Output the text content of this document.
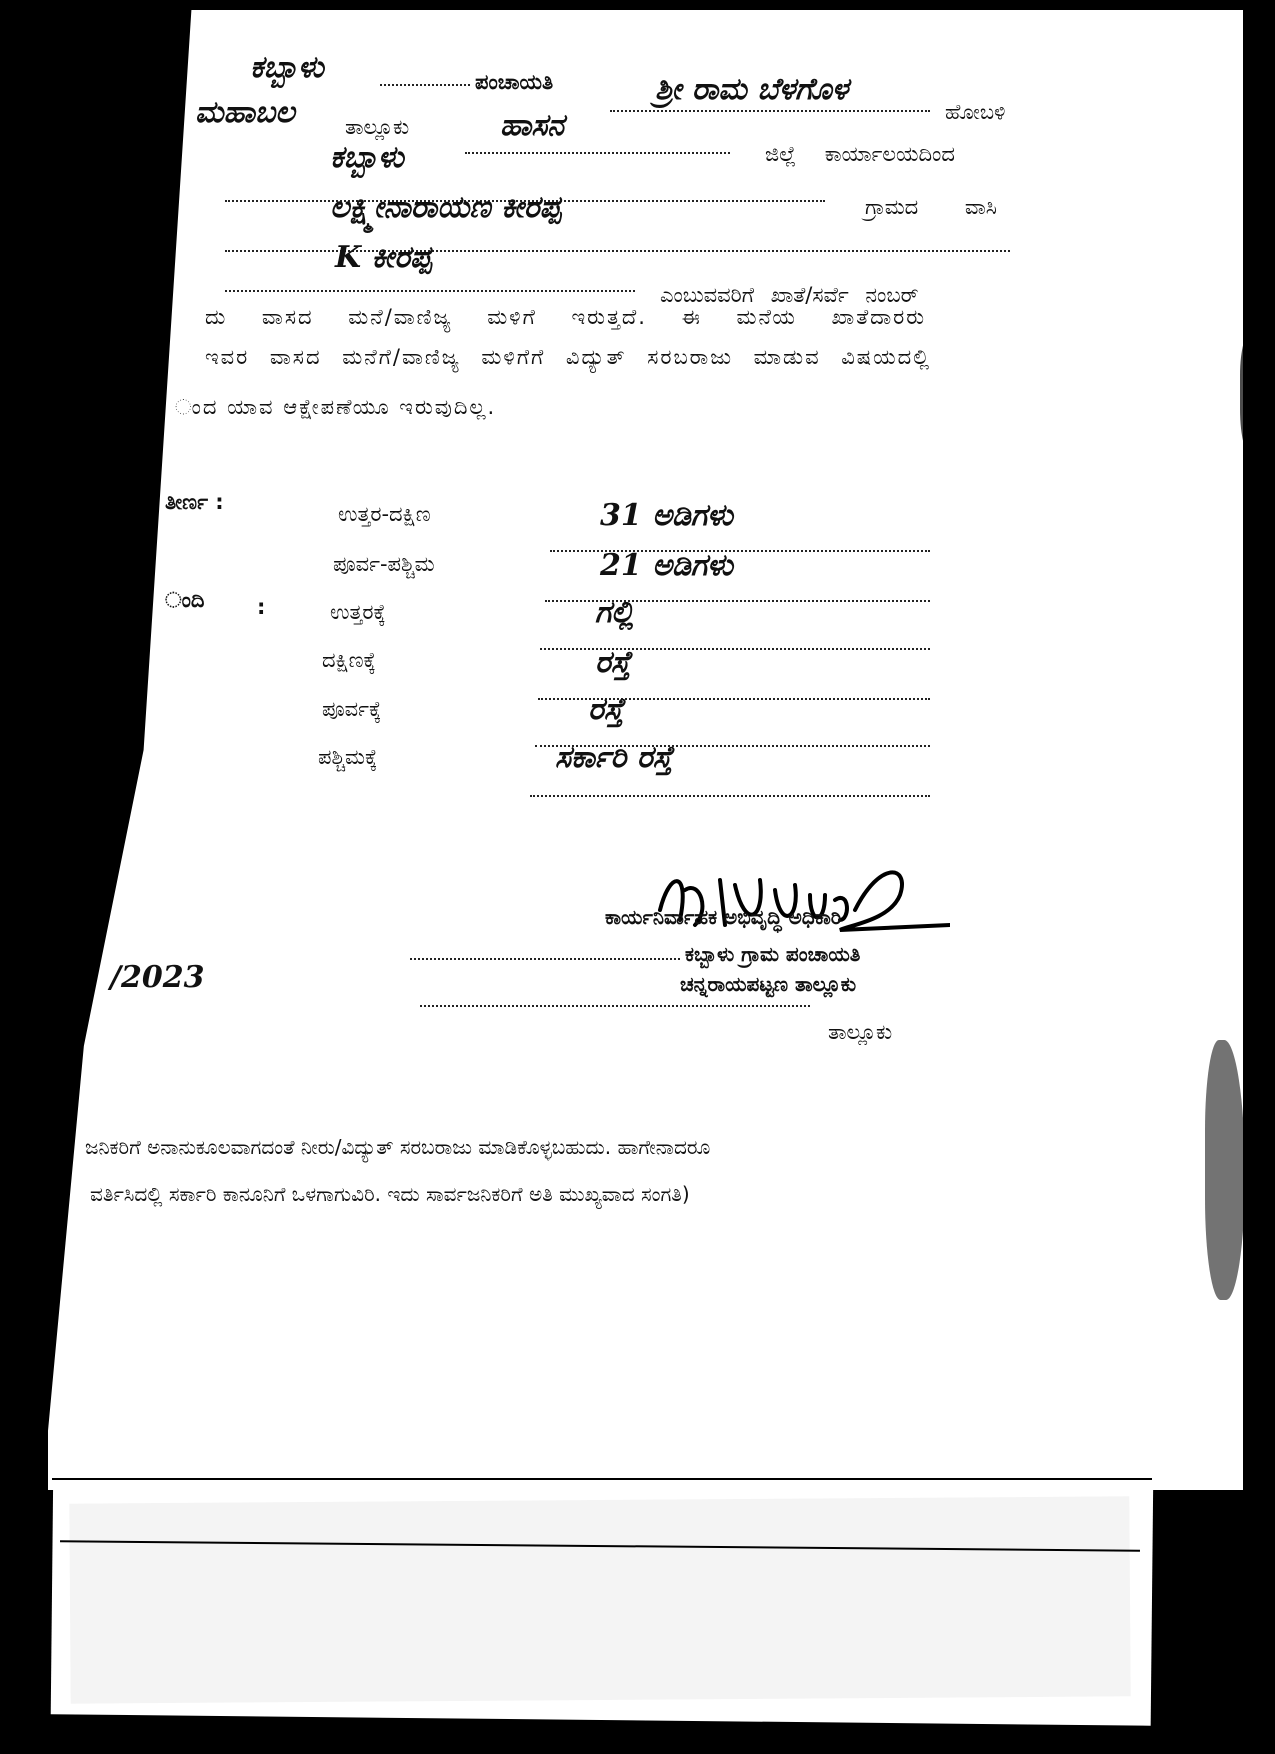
ಕಬ್ಬಾಳು	ಪಂಚಾಯತಿ	ಶ್ರೀ ರಾಮ ಬೆಳಗೊಳ
ಹೋಬಳಿ
ಮಹಾಬಲ ತಾಲ್ಲೂಕು	ಹಾಸನ
ಜಿಲ್ಲೆ ಕಾರ್ಯಾಲಯದಿಂದ
ಕಬ್ಬಾಳು
ಗ್ರಾಮದ ವಾಸಿ
ಲಕ್ಷ್ಮೀನಾರಾಯಣ ಕೀರಪ್ಪ
K ಕೀರಪ್ಪ
ಎಂಬುವವರಿಗೆ ಖಾತೆ/ಸರ್ವೆ ನಂಬರ್
ದು ವಾಸದ ಮನೆ/ವಾಣಿಜ್ಯ ಮಳಿಗೆ ಇರುತ್ತದೆ. ಈ ಮನೆಯ ಖಾತೆದಾರರು
ಇವರ ವಾಸದ ಮನೆಗೆ/ವಾಣಿಜ್ಯ ಮಳಿಗೆಗೆ ವಿದ್ಯುತ್ ಸರಬರಾಜು ಮಾಡುವ ವಿಷಯದಲ್ಲಿ
ಂದ ಯಾವ ಆಕ್ಷೇಪಣೆಯೂ ಇರುವುದಿಲ್ಲ.
ತೀರ್ಣ :	ಉತ್ತರ-ದಕ್ಷಿಣ	31 ಅಡಿಗಳು
ಪೂರ್ವ-ಪಶ್ಚಿಮ	21 ಅಡಿಗಳು
ಂದಿ	:	ಉತ್ತರಕ್ಕೆ	ಗಲ್ಲಿ
ದಕ್ಷಿಣಕ್ಕೆ	ರಸ್ತೆ
ಪೂರ್ವಕ್ಕೆ	ರಸ್ತೆ
ಪಶ್ಚಿಮಕ್ಕೆ	ಸರ್ಕಾರಿ ರಸ್ತೆ
ಕಾರ್ಯನಿರ್ವಾಹಕ ಅಭಿವೃದ್ಧಿ ಅಧಿಕಾರಿ
ಕಬ್ಬಾಳು ಗ್ರಾಮ ಪಂಚಾಯತಿ
ಚನ್ನರಾಯಪಟ್ಟಣ ತಾಲ್ಲೂಕು
ತಾಲ್ಲೂಕು
/2023
ಜನಿಕರಿಗೆ ಅನಾನುಕೂಲವಾಗದಂತೆ ನೀರು/ವಿದ್ಯುತ್ ಸರಬರಾಜು ಮಾಡಿಕೊಳ್ಳಬಹುದು. ಹಾಗೇನಾದರೂ
ವರ್ತಿಸಿದಲ್ಲಿ ಸರ್ಕಾರಿ ಕಾನೂನಿಗೆ ಒಳಗಾಗುವಿರಿ. ಇದು ಸಾರ್ವಜನಿಕರಿಗೆ ಅತಿ ಮುಖ್ಯವಾದ ಸಂಗತಿ)
